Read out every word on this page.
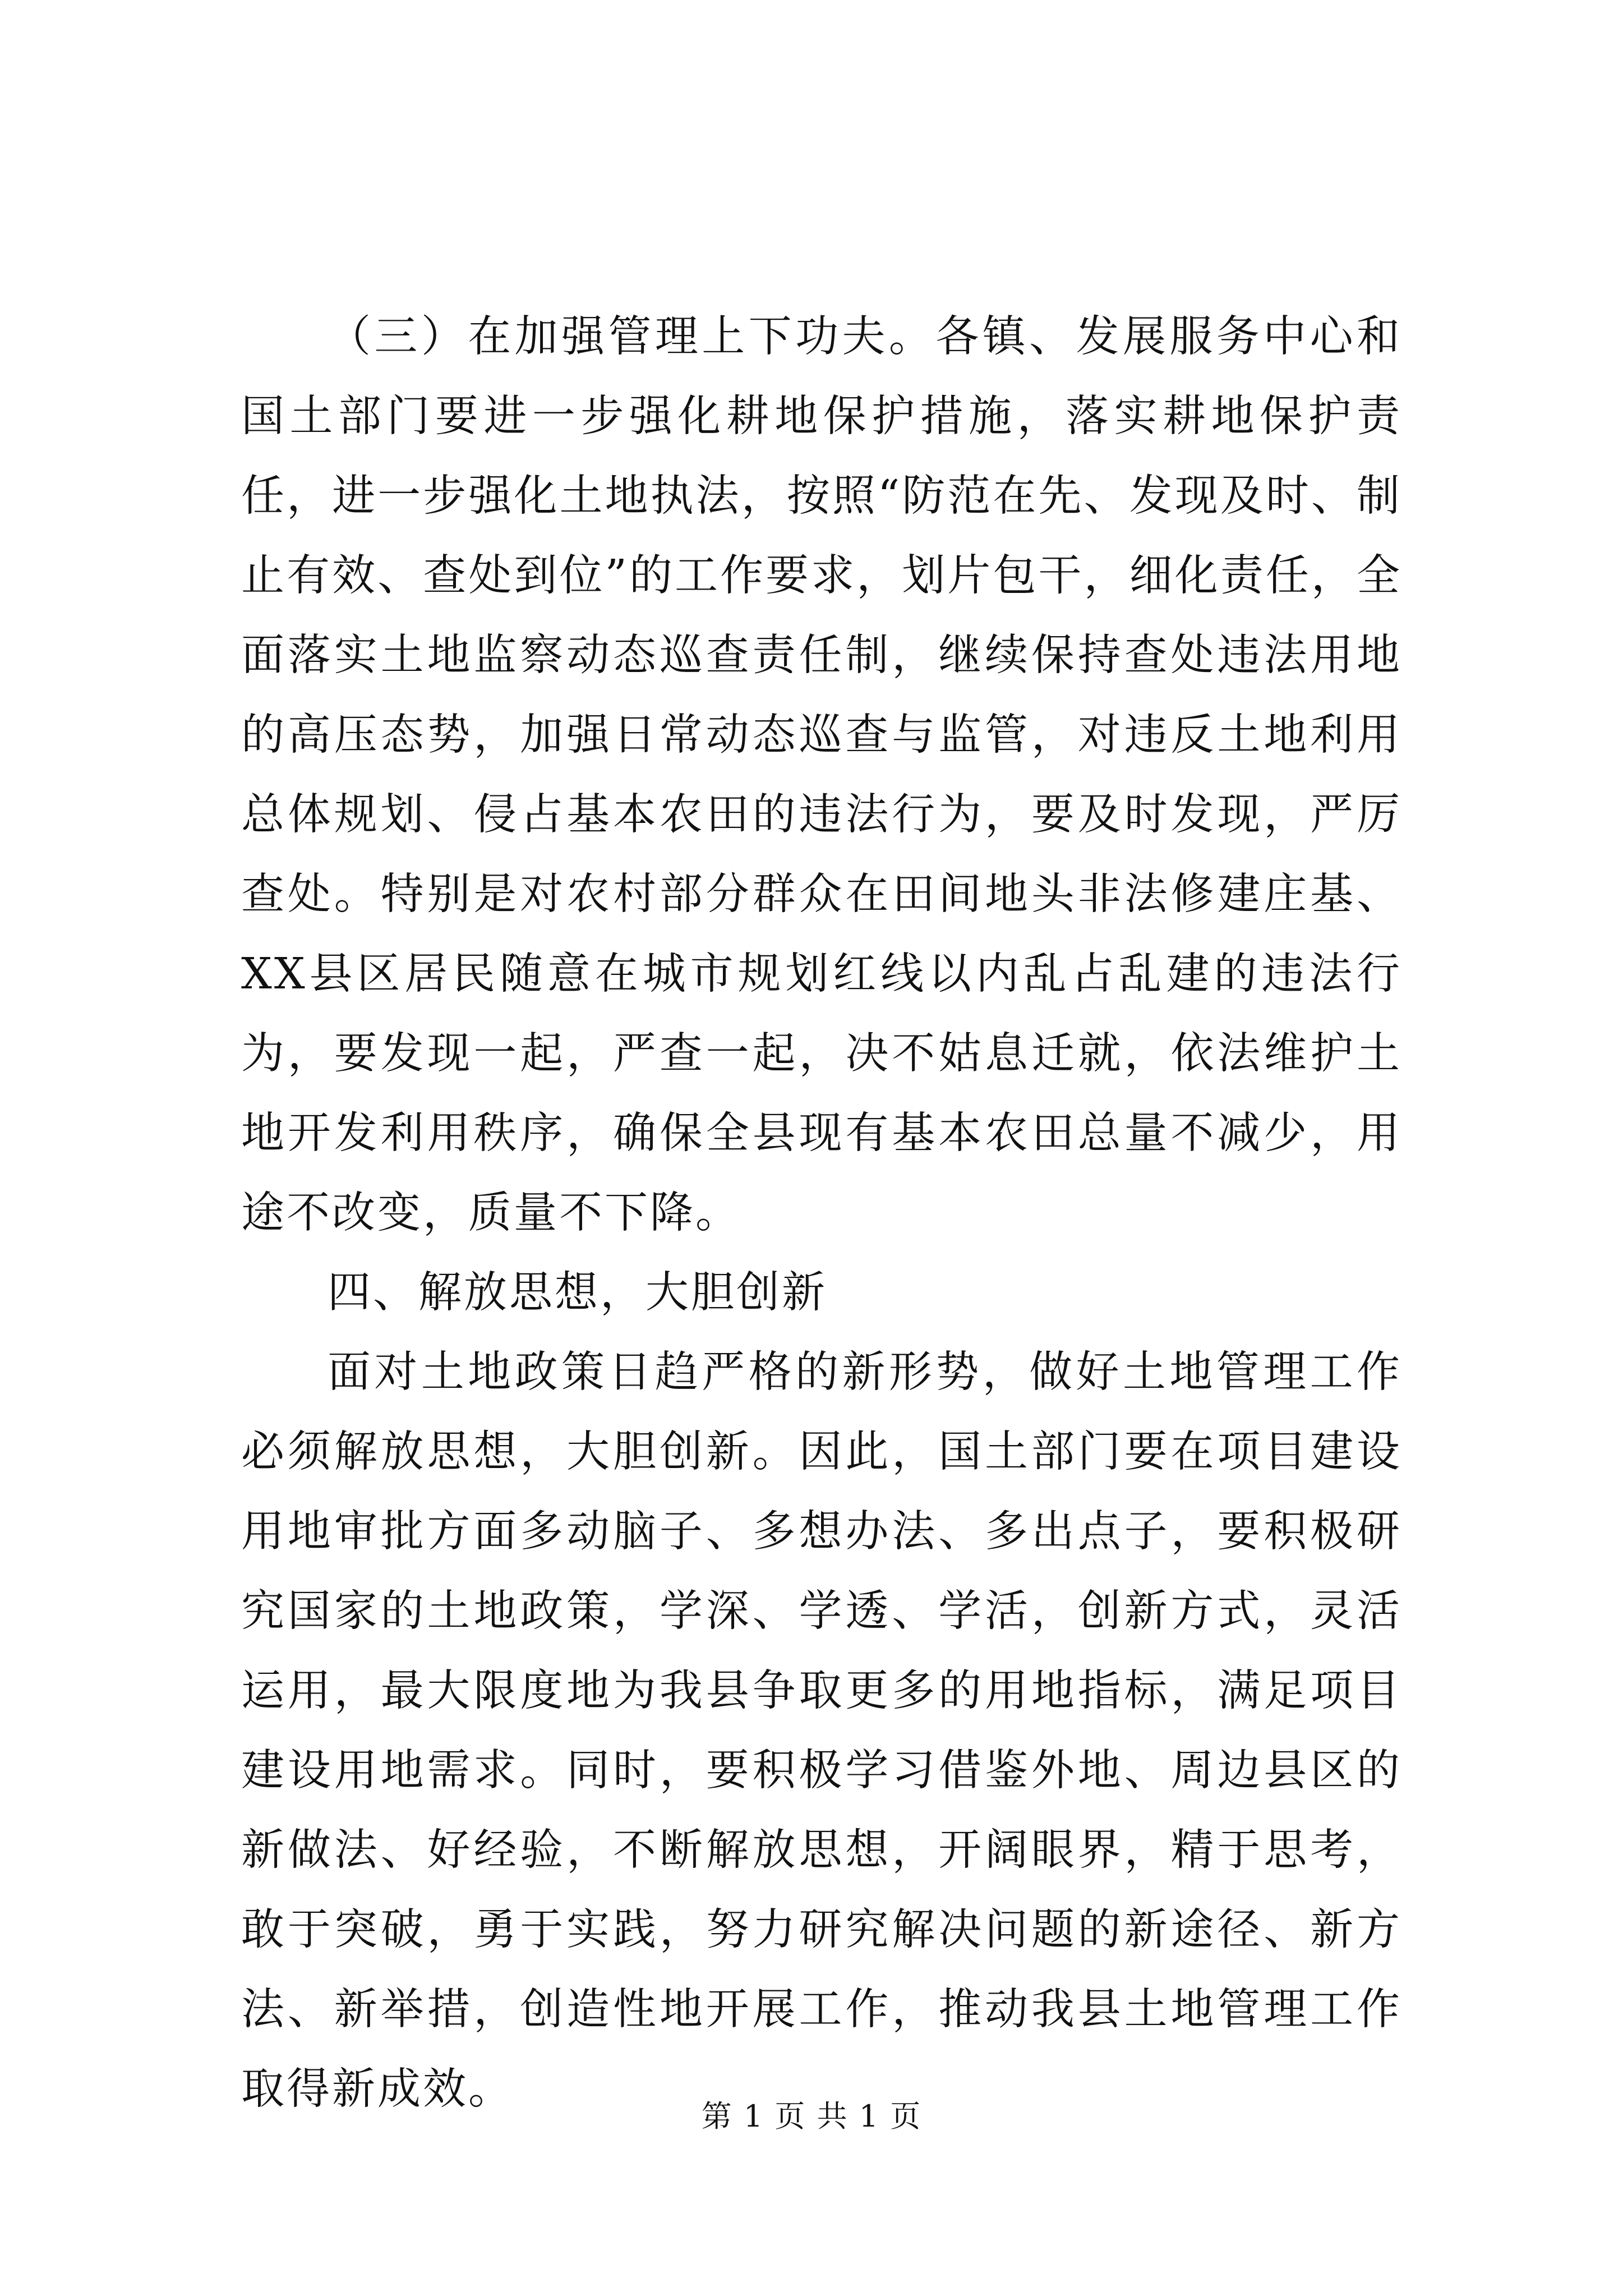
（三）在加强管理上下功夫。各镇、发展服务中心和国土部门要进一步强化耕地保护措施，落实耕地保护责任，进一步强化土地执法，按照“防范在先、发现及时、制止有效、查处到位”的工作要求，划片包干，细化责任，全面落实土地监察动态巡查责任制，继续保持查处违法用地的高压态势，加强日常动态巡查与监管，对违反土地利用总体规划、侵占基本农田的违法行为，要及时发现，严厉查处。特别是对农村部分群众在田间地头非法修建庄基、XX县区居民随意在城市规划红线以内乱占乱建的违法行为，要发现一起，严查一起，决不姑息迁就，依法维护土地开发利用秩序，确保全县现有基本农田总量不减少，用途不改变，质量不下降。

四、解放思想，大胆创新

面对土地政策日趋严格的新形势，做好土地管理工作必须解放思想，大胆创新。因此，国土部门要在项目建设用地审批方面多动脑子、多想办法、多出点子，要积极研究国家的土地政策，学深、学透、学活，创新方式，灵活运用，最大限度地为我县争取更多的用地指标，满足项目建设用地需求。同时，要积极学习借鉴外地、周边县区的新做法、好经验，不断解放思想，开阔眼界，精于思考，敢于突破，勇于实践，努力研究解决问题的新途径、新方法、新举措，创造性地开展工作，推动我县土地管理工作取得新成效。

第 1 页 共 1 页
